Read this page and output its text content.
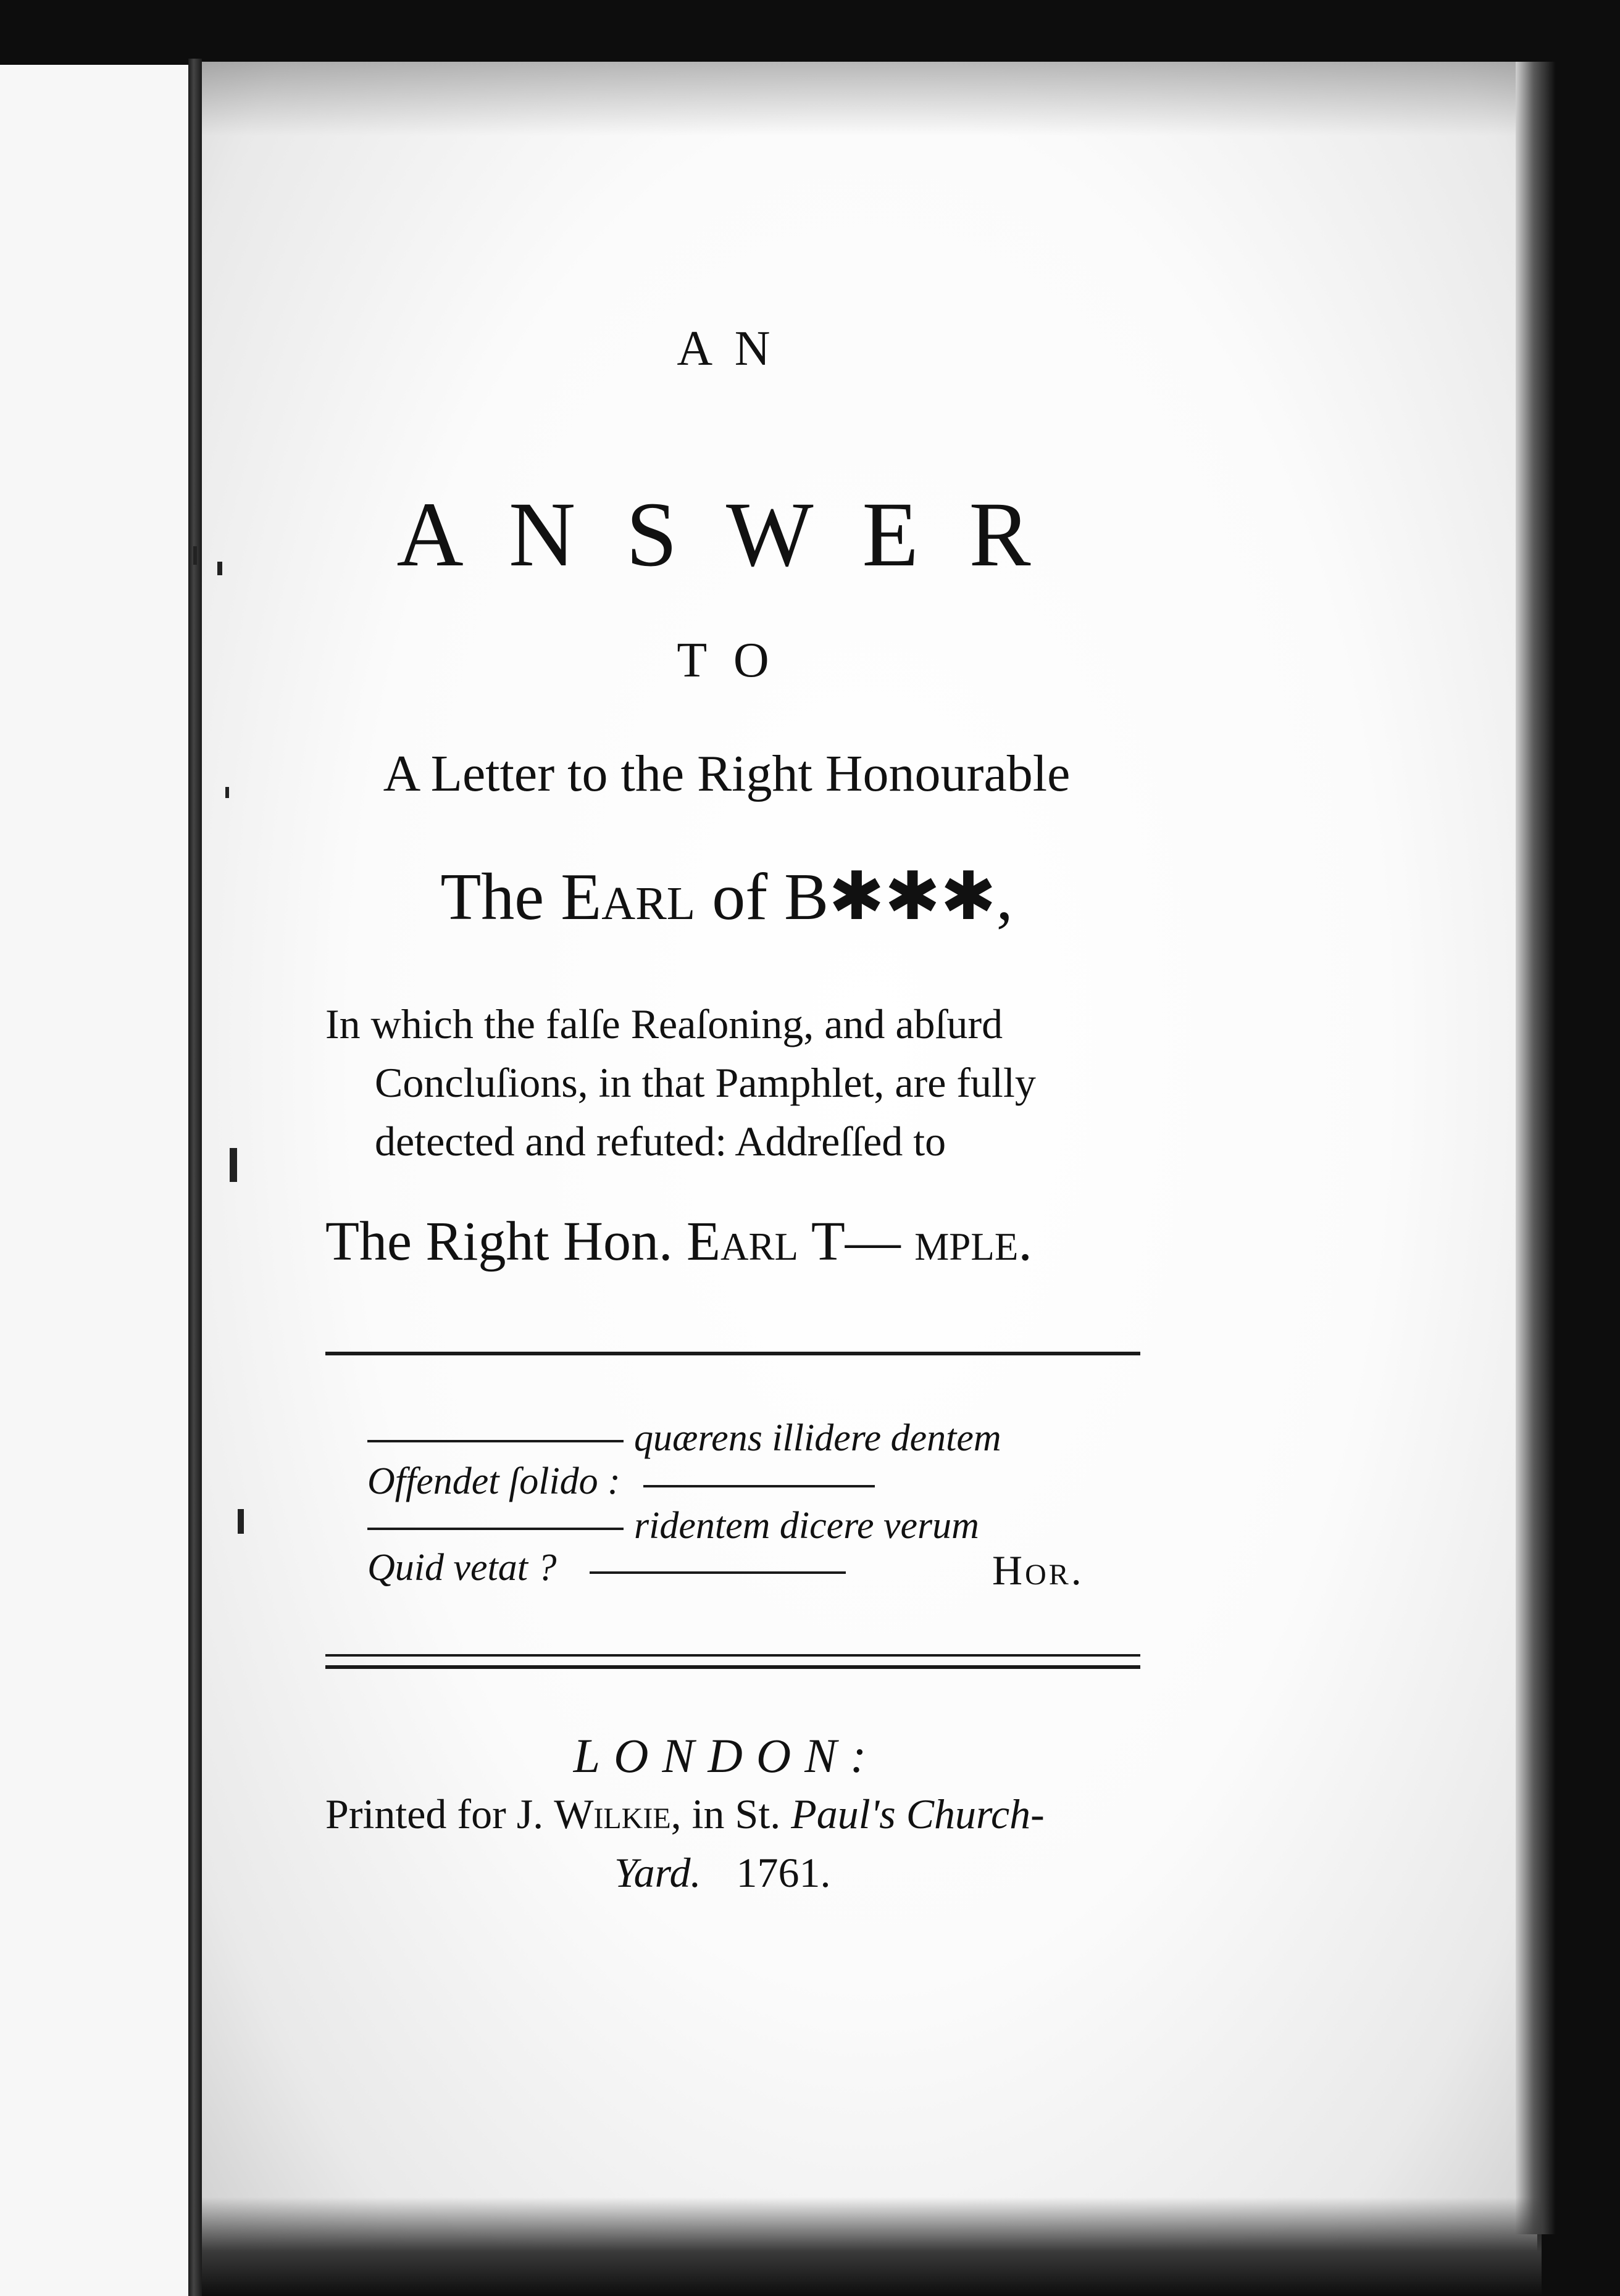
A N
A N S W E R
T O
A Letter to the Right Honourable
The Earl of B✱✱✱,
In which the falſe Reaſoning, and abſurd
Concluſions, in that Pamphlet, are fully
detected and refuted: Addreſſed to
The Right Hon. Earl T— mple.
quærens illidere dentem
Offendet ſolido :
ridentem dicere verum
Quid vetat ?	Hor.
LONDON:
Printed for J. Wilkie, in St. Paul's Church-
Yard. 1761.
